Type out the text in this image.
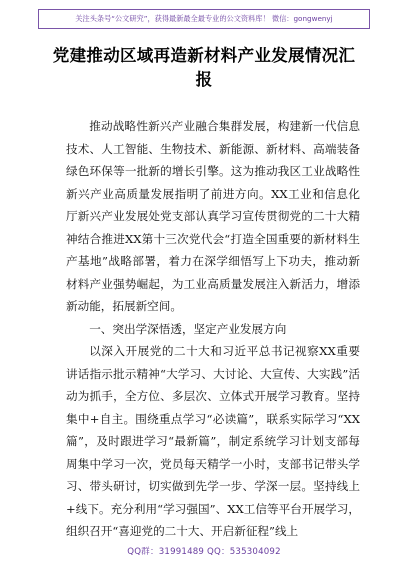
关注头条号“公文研究”，获得最新最全最专业的公文资料库！ 微信：gongwenyj
党建推动区域再造新材料产业发展情况汇报

推动战略性新兴产业融合集群发展，构建新一代信息技术、人工智能、生物技术、新能源、新材料、高端装备绿色环保等一批新的增长引擎。这为推动我区工业战略性新兴产业高质量发展指明了前进方向。XX工业和信息化厅新兴产业发展处党支部认真学习宣传贯彻党的二十大精神结合推进XX第十三次党代会“打造全国重要的新材料生产基地”战略部署，着力在深学细悟写上下功夫，推动新材料产业强势崛起，为工业高质量发展注入新活力，增添新动能，拓展新空间。

一、突出学深悟透，坚定产业发展方向

以深入开展党的二十大和习近平总书记视察XX重要讲话指示批示精神“大学习、大讨论、大宣传、大实践”活动为抓手，全方位、多层次、立体式开展学习教育。坚持集中+自主。围绕重点学习“必读篇”，联系实际学习“XX篇”，及时跟进学习“最新篇”，制定系统学习计划支部每周集中学习一次，党员每天精学一小时，支部书记带头学习、带头研讨，切实做到先学一步、学深一层。坚持线上+线下。充分利用“学习强国”、XX工信等平台开展学习，组织召开“喜迎党的二十大、开启新征程”线上

QQ群：31991489 QQ：535304092
